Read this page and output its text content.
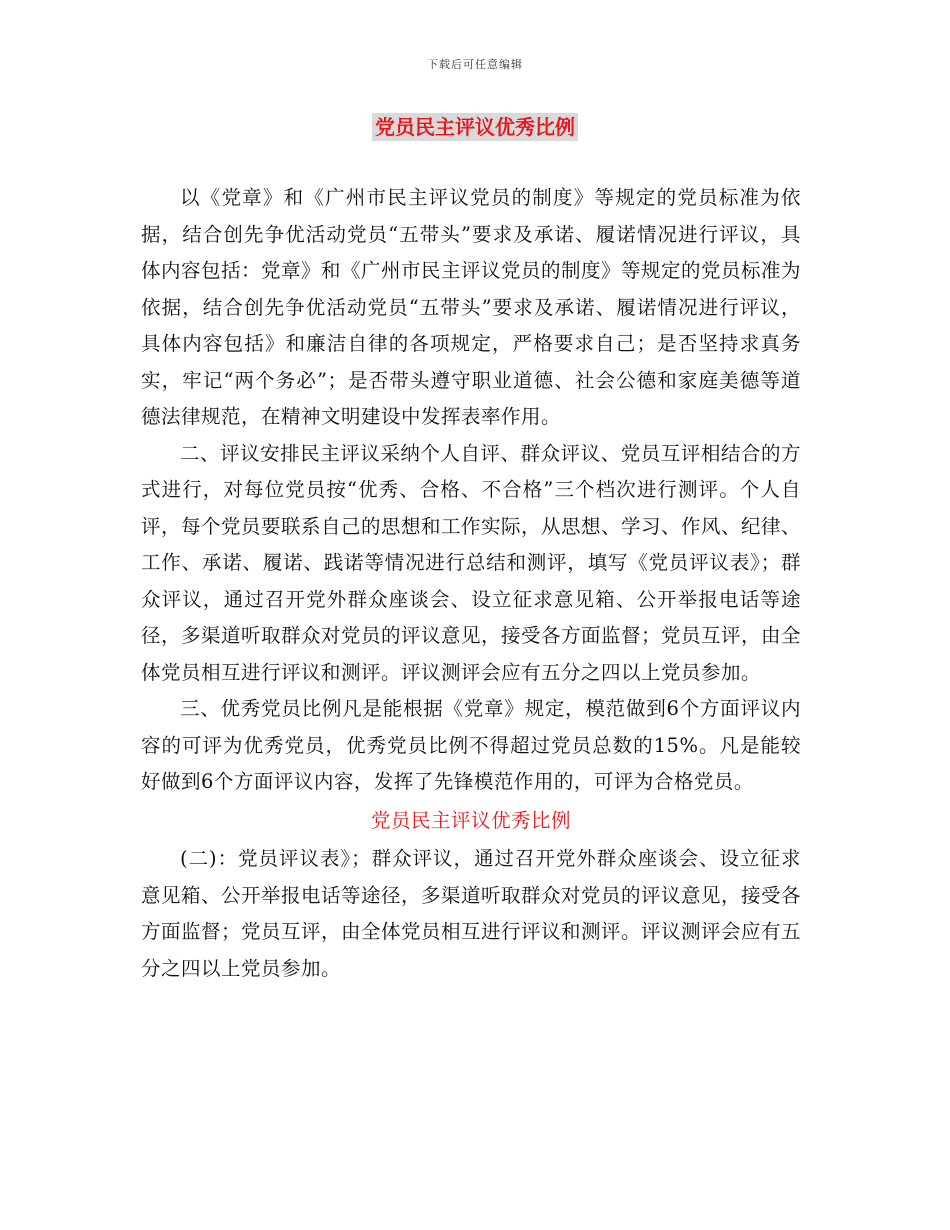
下载后可任意编辑
党员民主评议优秀比例

以《党章》和《广州市民主评议党员的制度》等规定的党员标准为依据，结合创先争优活动党员“五带头”要求及承诺、履诺情况进行评议，具体内容包括：党章》和《广州市民主评议党员的制度》等规定的党员标准为依据，结合创先争优活动党员“五带头”要求及承诺、履诺情况进行评议，具体内容包括》和廉洁自律的各项规定，严格要求自己；是否坚持求真务实，牢记“两个务必”；是否带头遵守职业道德、社会公德和家庭美德等道德法律规范，在精神文明建设中发挥表率作用。

二、评议安排民主评议采纳个人自评、群众评议、党员互评相结合的方式进行，对每位党员按“优秀、合格、不合格”三个档次进行测评。个人自评，每个党员要联系自己的思想和工作实际，从思想、学习、作风、纪律、工作、承诺、履诺、践诺等情况进行总结和测评，填写《党员评议表》；群众评议，通过召开党外群众座谈会、设立征求意见箱、公开举报电话等途径，多渠道听取群众对党员的评议意见，接受各方面监督；党员互评，由全体党员相互进行评议和测评。评议测评会应有五分之四以上党员参加。

三、优秀党员比例凡是能根据《党章》规定，模范做到6个方面评议内容的可评为优秀党员，优秀党员比例不得超过党员总数的15%。凡是能较好做到6个方面评议内容，发挥了先锋模范作用的，可评为合格党员。

党员民主评议优秀比例

(二)：党员评议表》；群众评议，通过召开党外群众座谈会、设立征求意见箱、公开举报电话等途径，多渠道听取群众对党员的评议意见，接受各方面监督；党员互评，由全体党员相互进行评议和测评。评议测评会应有五分之四以上党员参加。
